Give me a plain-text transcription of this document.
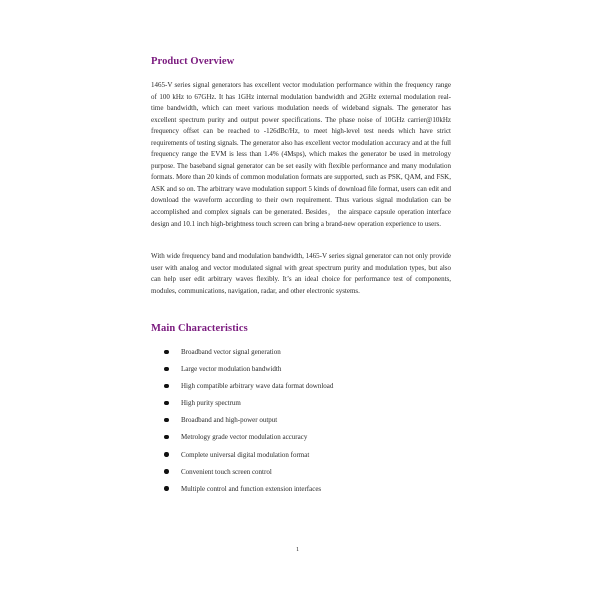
Product Overview

1465-V series signal generators has excellent vector modulation performance within the frequency range of 100 kHz to 67GHz. It has 1GHz internal modulation bandwidth and 2GHz external modulation real-time bandwidth, which can meet various modulation needs of wideband signals. The generator has excellent spectrum purity and output power specifications. The phase noise of 10GHz carrier@10kHz frequency offset can be reached to -126dBc/Hz, to meet high-level test needs which have strict requirements of testing signals. The generator also has excellent vector modulation accuracy and at the full frequency range the EVM is less than 1.4% (4Msps), which makes the generator be used in metrology purpose. The baseband signal generator can be set easily with flexible performance and many modulation formats. More than 20 kinds of common modulation formats are supported, such as PSK, QAM, and FSK, ASK and so on. The arbitrary wave modulation support 5 kinds of download file format, users can edit and download the waveform according to their own requirement. Thus various signal modulation can be accomplished and complex signals can be generated. Besides， the airspace capsule operation interface design and 10.1 inch high-brightness touch screen can bring a brand-new operation experience to users.

With wide frequency band and modulation bandwidth, 1465-V series signal generator can not only provide user with analog and vector modulated signal with great spectrum purity and modulation types, but also can help user edit arbitrary waves flexibly. It’s an ideal choice for performance test of components, modules, communications, navigation, radar, and other electronic systems.

Main Characteristics
Broadband vector signal generation
Large vector modulation bandwidth
High compatible arbitrary wave data format download
High purity spectrum
Broadband and high-power output
Metrology grade vector modulation accuracy
Complete universal digital modulation format
Convenient touch screen control
Multiple control and function extension interfaces
1
